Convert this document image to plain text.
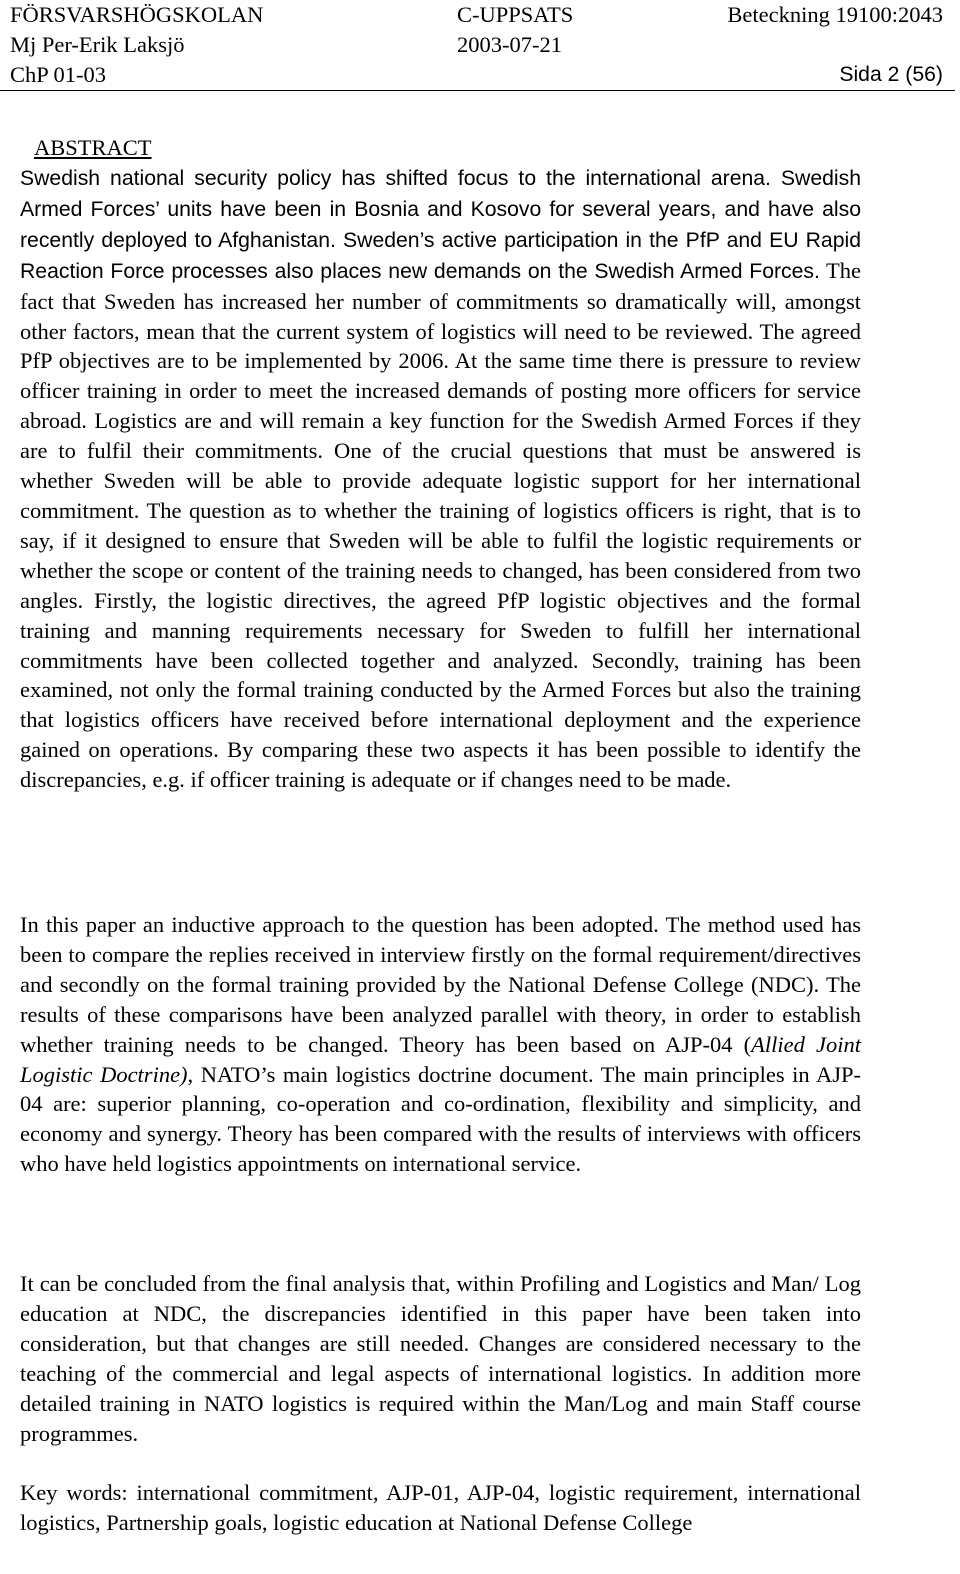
FÖRSVARSHÖGSKOLAN	C-UPPSATS	Beteckning 19100:2043
Mj Per-Erik Laksjö	2003-07-21
ChP 01-03	Sida 2 (56)
ABSTRACT

Swedish national security policy has shifted focus to the international arena. Swedish Armed Forces’ units have been in Bosnia and Kosovo for several years, and have also recently deployed to Afghanistan. Sweden’s active participation in the PfP and EU Rapid Reaction Force processes also places new demands on the Swedish Armed Forces. The fact that Sweden has increased her number of commitments so dramatically will, amongst other factors, mean that the current system of logistics will need to be reviewed. The agreed PfP objectives are to be implemented by 2006. At the same time there is pressure to review officer training in order to meet the increased demands of posting more officers for service abroad. Logistics are and will remain a key function for the Swedish Armed Forces if they are to fulfil their commitments. One of the crucial questions that must be answered is whether Sweden will be able to provide adequate logistic support for her international commitment. The question as to whether the training of logistics officers is right, that is to say, if it designed to ensure that Sweden will be able to fulfil the logistic requirements or whether the scope or content of the training needs to changed, has been considered from two angles. Firstly, the logistic directives, the agreed PfP logistic objectives and the formal training and manning requirements necessary for Sweden to fulfill her international commitments have been collected together and analyzed. Secondly, training has been examined, not only the formal training conducted by the Armed Forces but also the training that logistics officers have received before international deployment and the experience gained on operations. By comparing these two aspects it has been possible to identify the discrepancies, e.g. if officer training is adequate or if changes need to be made.

In this paper an inductive approach to the question has been adopted. The method used has been to compare the replies received in interview firstly on the formal requirement/directives and secondly on the formal training provided by the National Defense College (NDC). The results of these comparisons have been analyzed parallel with theory, in order to establish whether training needs to be changed. Theory has been based on AJP-04 (Allied Joint Logistic Doctrine), NATO’s main logistics doctrine document. The main principles in AJP-04 are: superior planning, co-operation and co-ordination, flexibility and simplicity, and economy and synergy. Theory has been compared with the results of interviews with officers who have held logistics appointments on international service.

It can be concluded from the final analysis that, within Profiling and Logistics and Man/ Log education at NDC, the discrepancies identified in this paper have been taken into consideration, but that changes are still needed. Changes are considered necessary to the teaching of the commercial and legal aspects of international logistics. In addition more detailed training in NATO logistics is required within the Man/Log and main Staff course programmes.

Key words: international commitment, AJP-01, AJP-04, logistic requirement, international logistics, Partnership goals, logistic education at National Defense College
